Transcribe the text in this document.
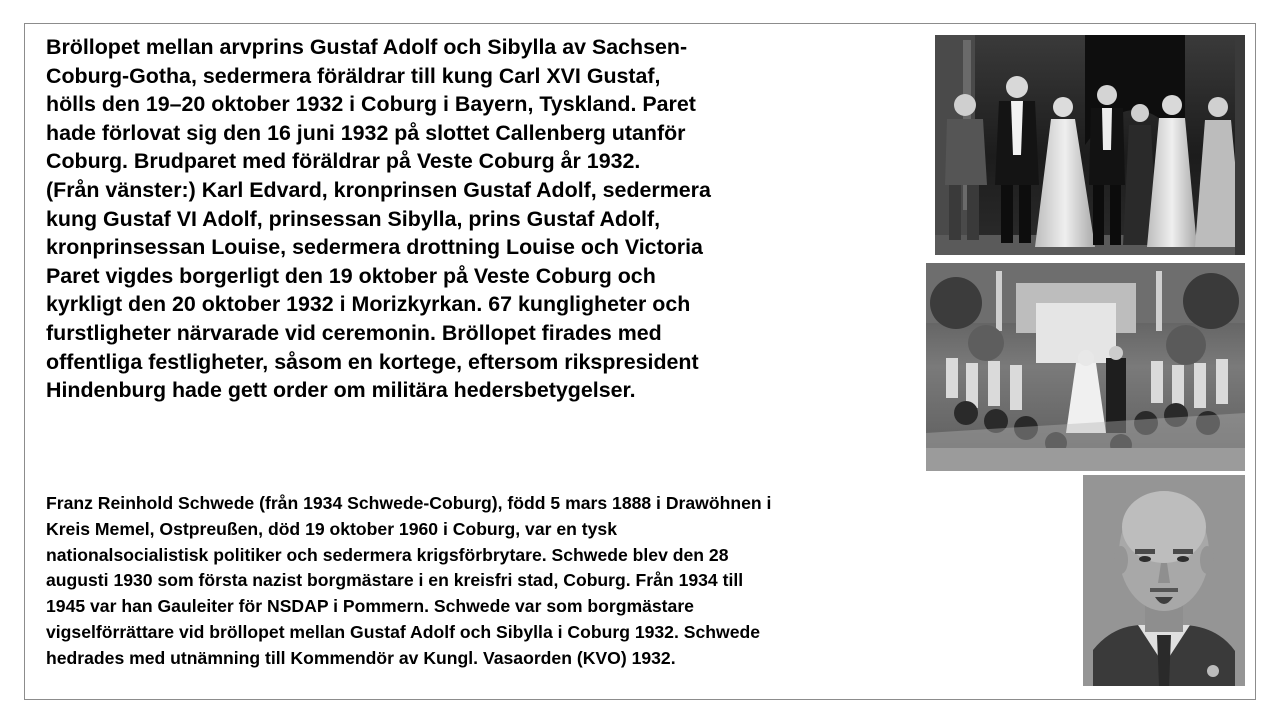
Bröllopet mellan arvprins Gustaf Adolf och Sibylla av Sachsen-
Coburg-Gotha, sedermera föräldrar till kung Carl XVI Gustaf,
hölls den 19–20 oktober 1932 i Coburg i Bayern, Tyskland. Paret
hade förlovat sig den 16 juni 1932 på slottet Callenberg utanför
Coburg. Brudparet med föräldrar på Veste Coburg år 1932.
(Från vänster:) Karl Edvard, kronprinsen Gustaf Adolf, sedermera
kung Gustaf VI Adolf, prinsessan Sibylla, prins Gustaf Adolf,
kronprinsessan Louise, sedermera drottning Louise och Victoria
Paret vigdes borgerligt den 19 oktober på Veste Coburg och
kyrkligt den 20 oktober 1932 i Morizkyrkan. 67 kungligheter och
furstligheter närvarade vid ceremonin. Bröllopet firades med
offentliga festligheter, såsom en kortege, eftersom rikspresident
Hindenburg hade gett order om militära hedersbetygelser.
Franz Reinhold Schwede (från 1934 Schwede-Coburg), född 5 mars 1888 i Drawöhnen i
Kreis Memel, Ostpreußen, död 19 oktober 1960 i Coburg, var en tysk
nationalsocialistisk politiker och sedermera krigsförbrytare. Schwede blev den 28
augusti 1930 som första nazist borgmästare i en kreisfri stad, Coburg. Från 1934 till
1945 var han Gauleiter för NSDAP i Pommern. Schwede var som borgmästare
vigselförrättare vid bröllopet mellan Gustaf Adolf och Sibylla i Coburg 1932. Schwede
hedrades med utnämning till Kommendör av Kungl. Vasaorden (KVO) 1932.
